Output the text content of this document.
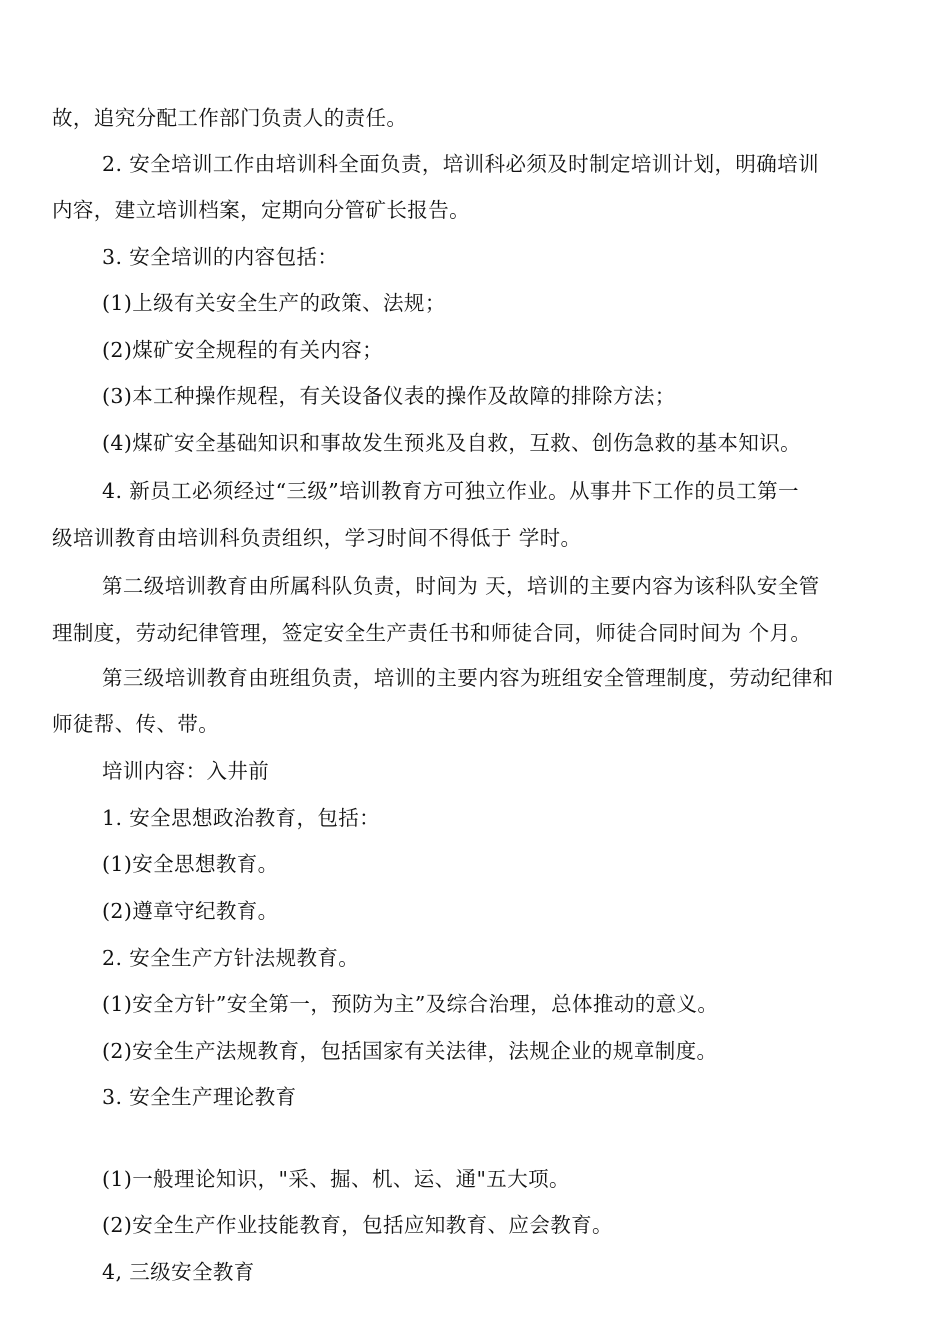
故，追究分配工作部门负责人的责任。
2. 安全培训工作由培训科全面负责，培训科必须及时制定培训计划，明确培训
内容，建立培训档案，定期向分管矿长报告。
3. 安全培训的内容包括：
(1)上级有关安全生产的政策、法规；
(2)煤矿安全规程的有关内容；
(3)本工种操作规程，有关设备仪表的操作及故障的排除方法；
(4)煤矿安全基础知识和事故发生预兆及自救，互救、创伤急救的基本知识。
4. 新员工必须经过“三级”培训教育方可独立作业。从事井下工作的员工第一
级培训教育由培训科负责组织，学习时间不得低于 学时。
第二级培训教育由所属科队负责，时间为 天，培训的主要内容为该科队安全管
理制度，劳动纪律管理，签定安全生产责任书和师徒合同，师徒合同时间为 个月。
第三级培训教育由班组负责，培训的主要内容为班组安全管理制度，劳动纪律和
师徒帮、传、带。
培训内容：入井前
1. 安全思想政治教育，包括：
(1)安全思想教育。
(2)遵章守纪教育。
2. 安全生产方针法规教育。
(1)安全方针”安全第一，预防为主”及综合治理，总体推动的意义。
(2)安全生产法规教育，包括国家有关法律，法规企业的规章制度。
3. 安全生产理论教育
(1)一般理论知识，"采、掘、机、运、通"五大项。
(2)安全生产作业技能教育，包括应知教育、应会教育。
4, 三级安全教育
